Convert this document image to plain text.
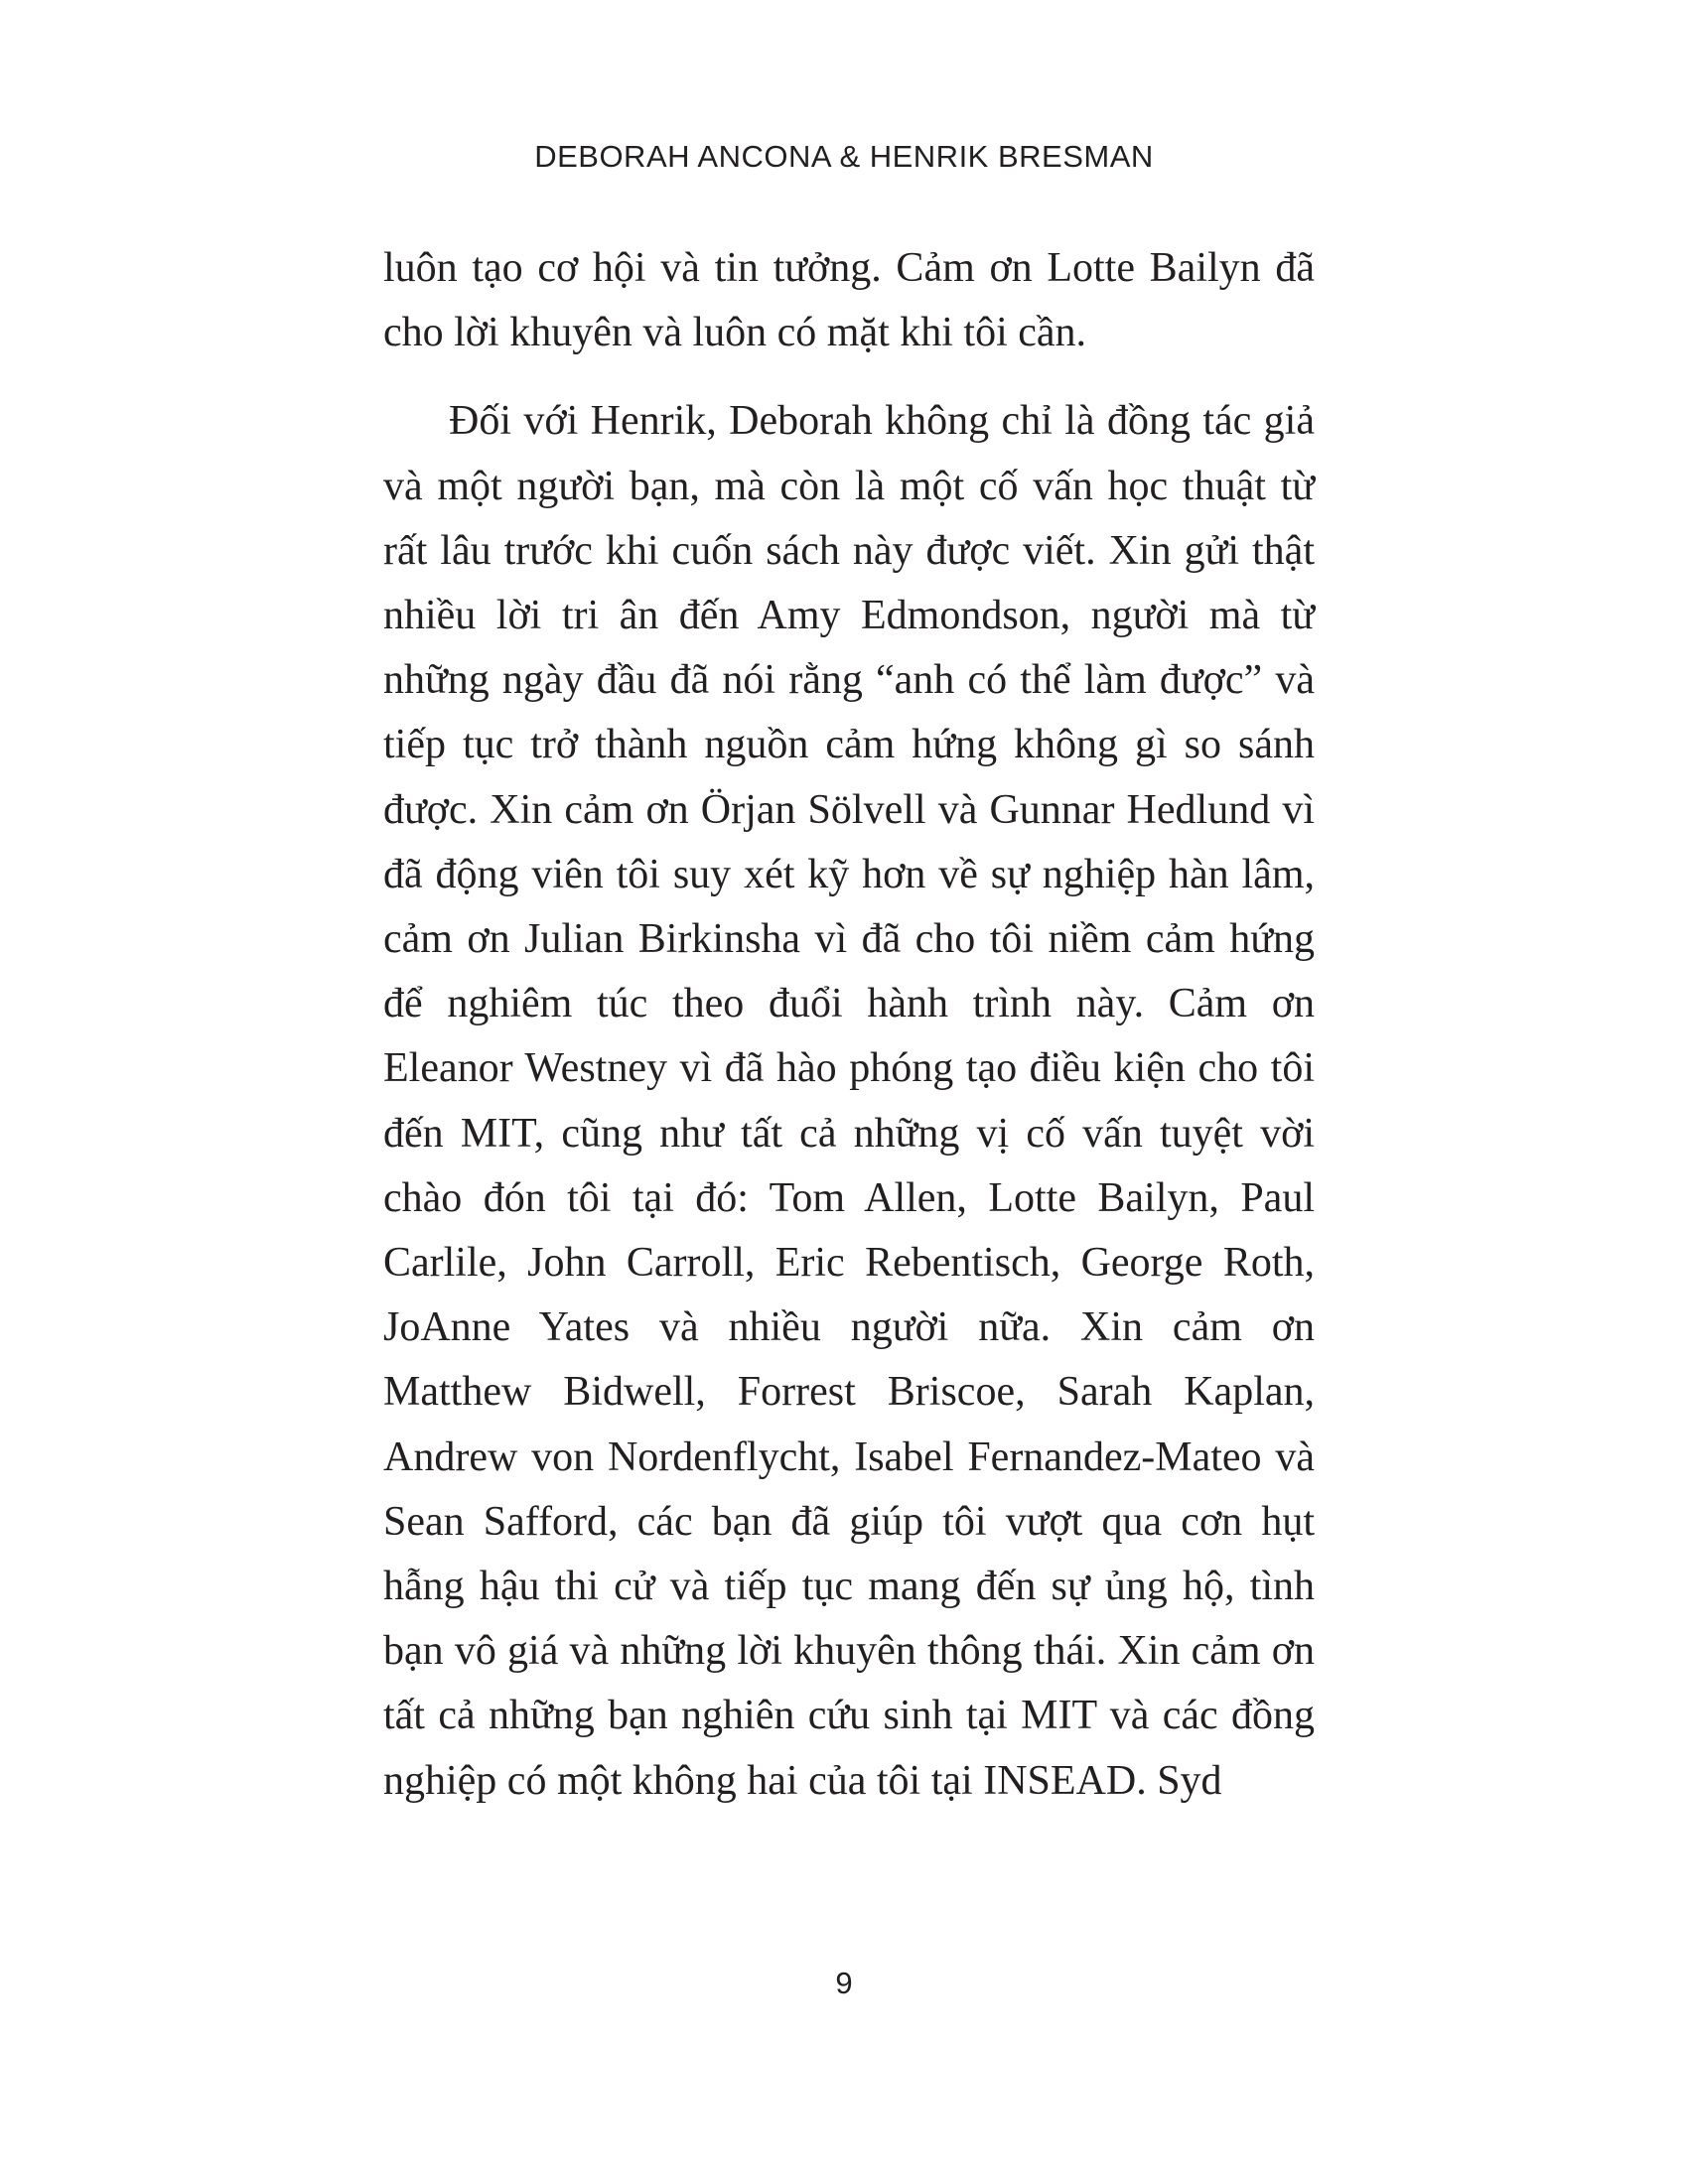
DEBORAH ANCONA & HENRIK BRESMAN

luôn tạo cơ hội và tin tưởng. Cảm ơn Lotte Bailyn đã cho lời khuyên và luôn có mặt khi tôi cần.

Đối với Henrik, Deborah không chỉ là đồng tác giả và một người bạn, mà còn là một cố vấn học thuật từ rất lâu trước khi cuốn sách này được viết. Xin gửi thật nhiều lời tri ân đến Amy Edmondson, người mà từ những ngày đầu đã nói rằng “anh có thể làm được” và tiếp tục trở thành nguồn cảm hứng không gì so sánh được. Xin cảm ơn Örjan Sölvell và Gunnar Hedlund vì đã động viên tôi suy xét kỹ hơn về sự nghiệp hàn lâm, cảm ơn Julian Birkinsha vì đã cho tôi niềm cảm hứng để nghiêm túc theo đuổi hành trình này. Cảm ơn Eleanor Westney vì đã hào phóng tạo điều kiện cho tôi đến MIT, cũng như tất cả những vị cố vấn tuyệt vời chào đón tôi tại đó: Tom Allen, Lotte Bailyn, Paul Carlile, John Carroll, Eric Rebentisch, George Roth, JoAnne Yates và nhiều người nữa. Xin cảm ơn Matthew Bidwell, Forrest Briscoe, Sarah Kaplan, Andrew von Nordenflycht, Isabel Fernandez-Mateo và Sean Safford, các bạn đã giúp tôi vượt qua cơn hụt hẫng hậu thi cử và tiếp tục mang đến sự ủng hộ, tình bạn vô giá và những lời khuyên thông thái. Xin cảm ơn tất cả những bạn nghiên cứu sinh tại MIT và các đồng nghiệp có một không hai của tôi tại INSEAD. Syd

9
